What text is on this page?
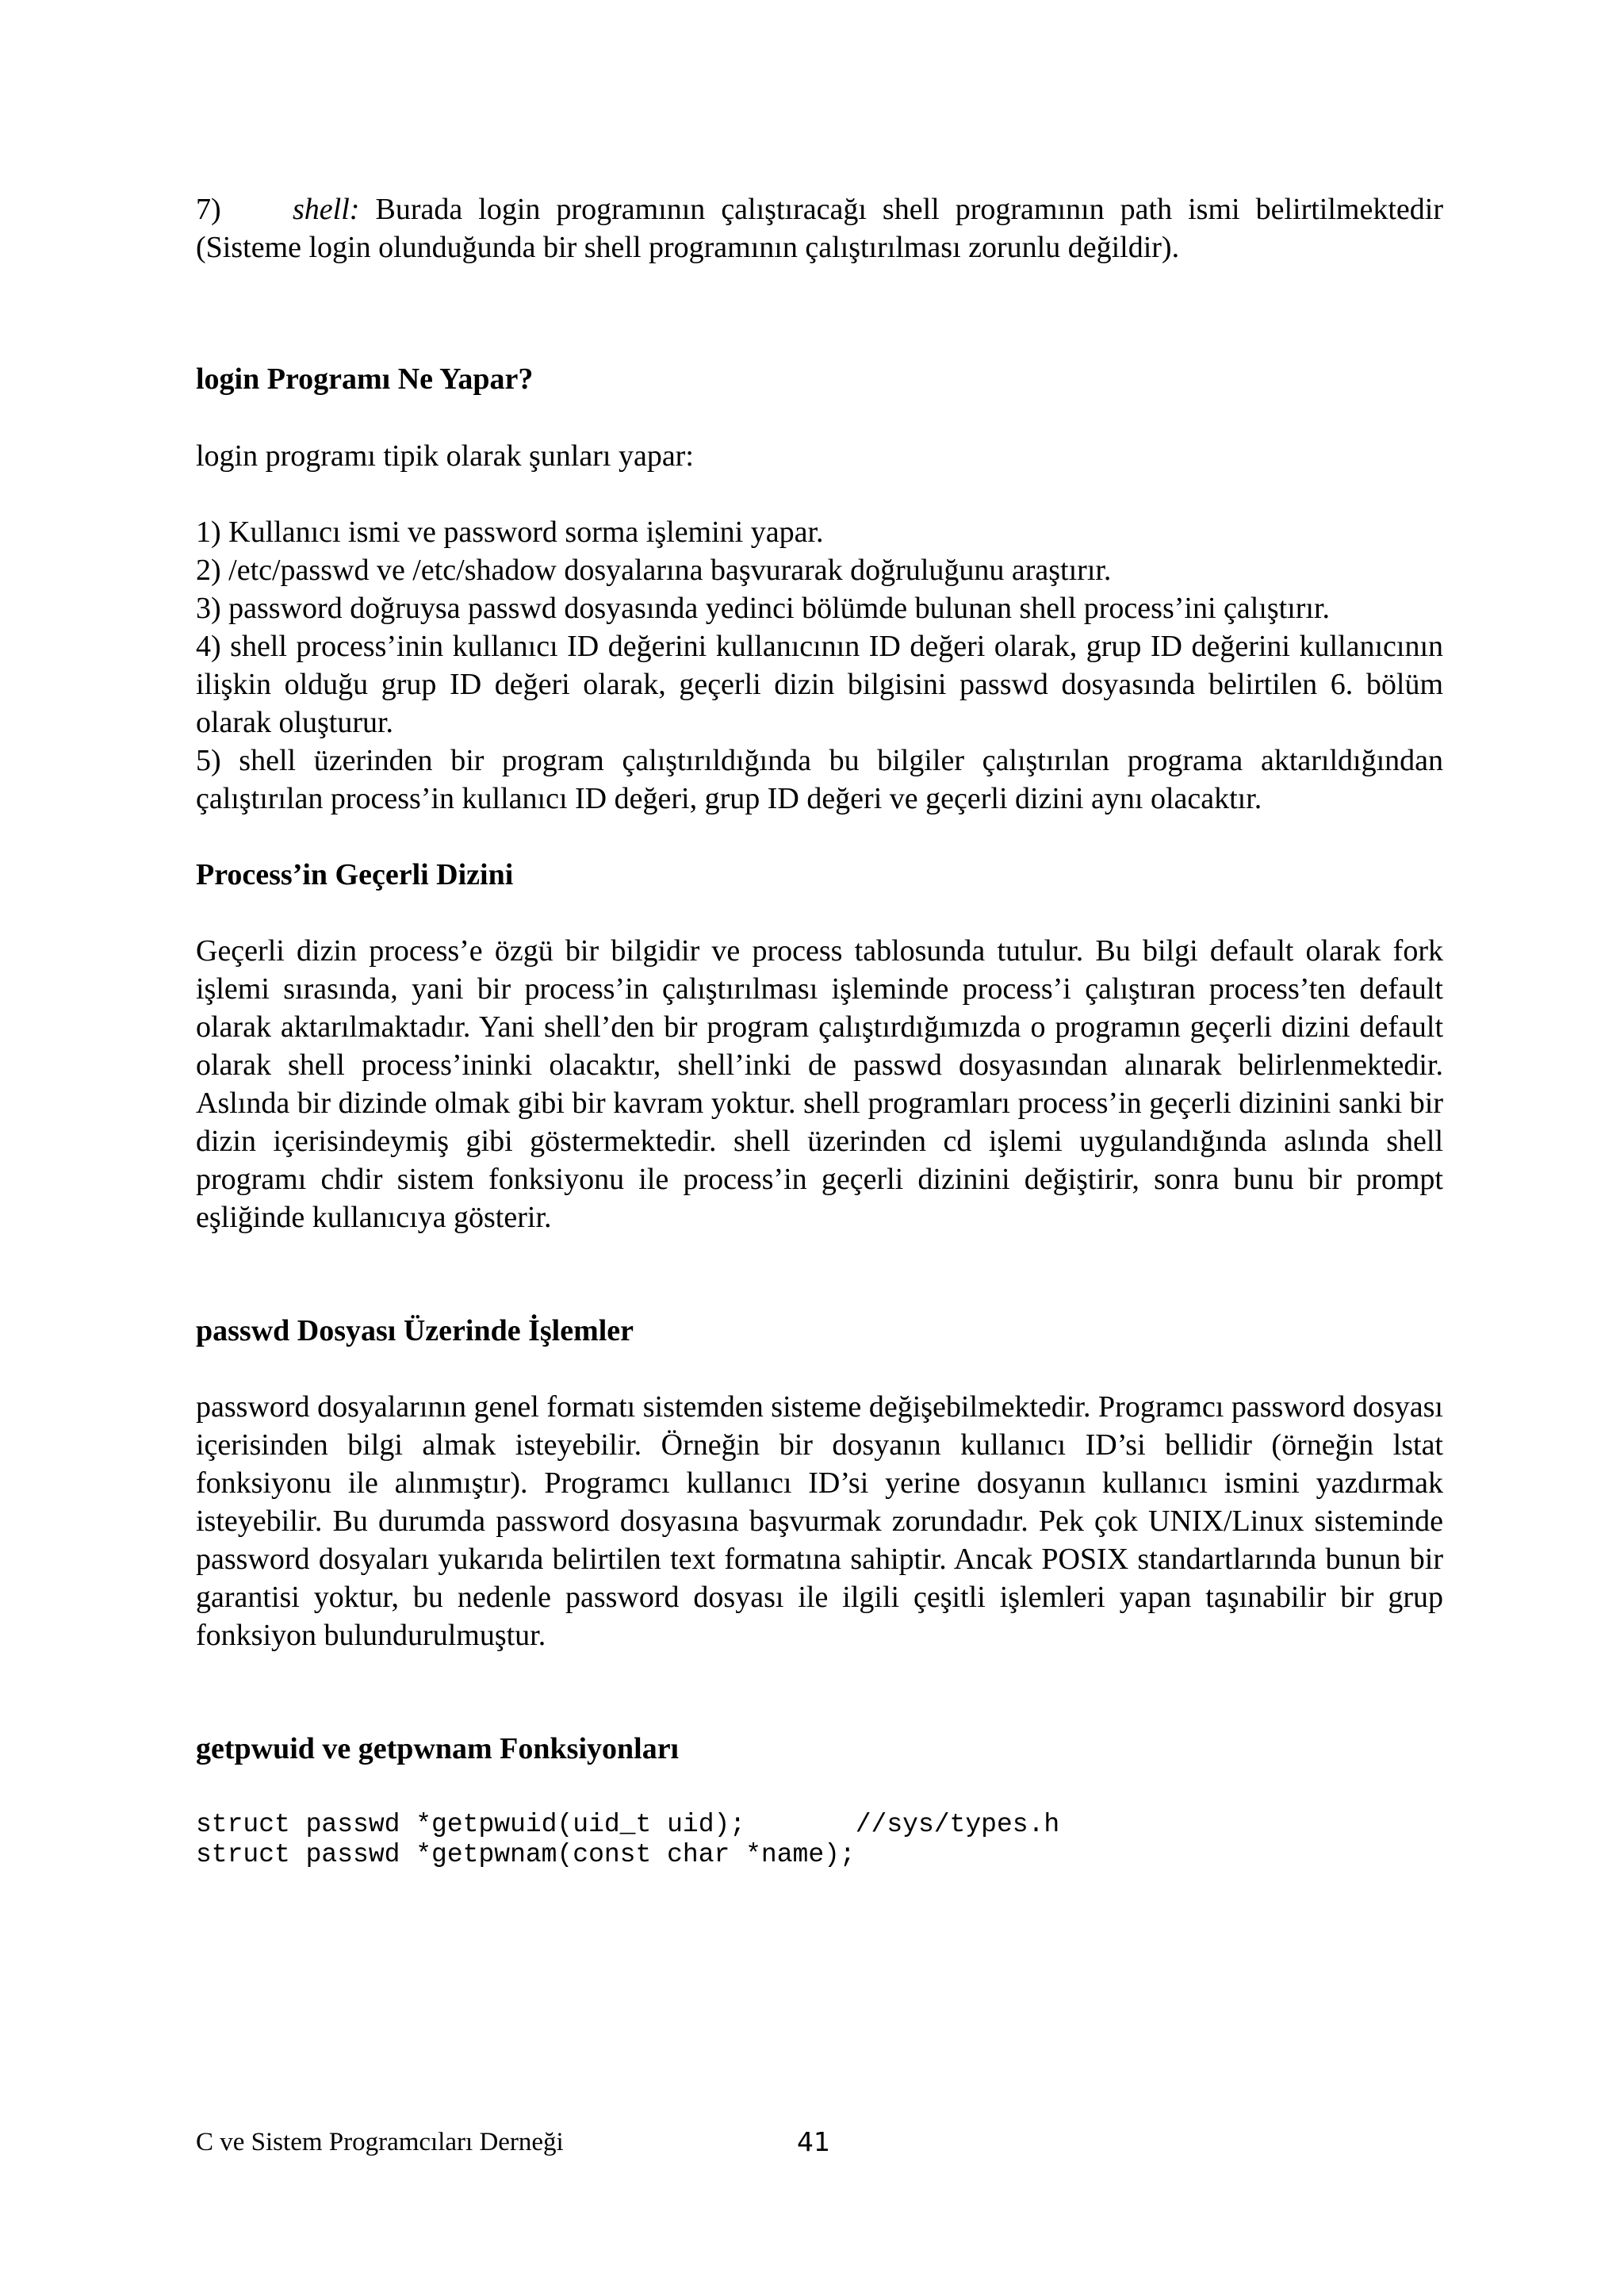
7) shell: Burada login programının çalıştıracağı shell programının path ismi belirtilmektedir (Sisteme login olunduğunda bir shell programının çalıştırılması zorunlu değildir).

login Programı Ne Yapar?

login programı tipik olarak şunları yapar:

1) Kullanıcı ismi ve password sorma işlemini yapar.

2) /etc/passwd ve /etc/shadow dosyalarına başvurarak doğruluğunu araştırır.

3) password doğruysa passwd dosyasında yedinci bölümde bulunan shell process’ini çalıştırır.

4) shell process’inin kullanıcı ID değerini kullanıcının ID değeri olarak, grup ID değerini kullanıcının ilişkin olduğu grup ID değeri olarak, geçerli dizin bilgisini passwd dosyasında belirtilen 6. bölüm olarak oluşturur.

5) shell üzerinden bir program çalıştırıldığında bu bilgiler çalıştırılan programa aktarıldığından çalıştırılan process’in kullanıcı ID değeri, grup ID değeri ve geçerli dizini aynı olacaktır.

Process’in Geçerli Dizini

Geçerli dizin process’e özgü bir bilgidir ve process tablosunda tutulur. Bu bilgi default olarak fork işlemi sırasında, yani bir process’in çalıştırılması işleminde process’i çalıştıran process’ten default olarak aktarılmaktadır. Yani shell’den bir program çalıştırdığımızda o programın geçerli dizini default olarak shell process’ininki olacaktır, shell’inki de passwd dosyasından alınarak belirlenmektedir. Aslında bir dizinde olmak gibi bir kavram yoktur. shell programları process’in geçerli dizinini sanki bir dizin içerisindeymiş gibi göstermektedir. shell üzerinden cd işlemi uygulandığında aslında shell programı chdir sistem fonksiyonu ile process’in geçerli dizinini değiştirir, sonra bunu bir prompt eşliğinde kullanıcıya gösterir.

passwd Dosyası Üzerinde İşlemler

password dosyalarının genel formatı sistemden sisteme değişebilmektedir. Programcı password dosyası içerisinden bilgi almak isteyebilir. Örneğin bir dosyanın kullanıcı ID’si bellidir (örneğin lstat fonksiyonu ile alınmıştır). Programcı kullanıcı ID’si yerine dosyanın kullanıcı ismini yazdırmak isteyebilir. Bu durumda password dosyasına başvurmak zorundadır. Pek çok UNIX/Linux sisteminde password dosyaları yukarıda belirtilen text formatına sahiptir. Ancak POSIX standartlarında bunun bir garantisi yoktur, bu nedenle password dosyası ile ilgili çeşitli işlemleri yapan taşınabilir bir grup fonksiyon bulundurulmuştur.

getpwuid ve getpwnam Fonksiyonları
struct passwd *getpwuid(uid_t uid);       //sys/types.h
struct passwd *getpwnam(const char *name);
C ve Sistem Programcıları Derneği	41
